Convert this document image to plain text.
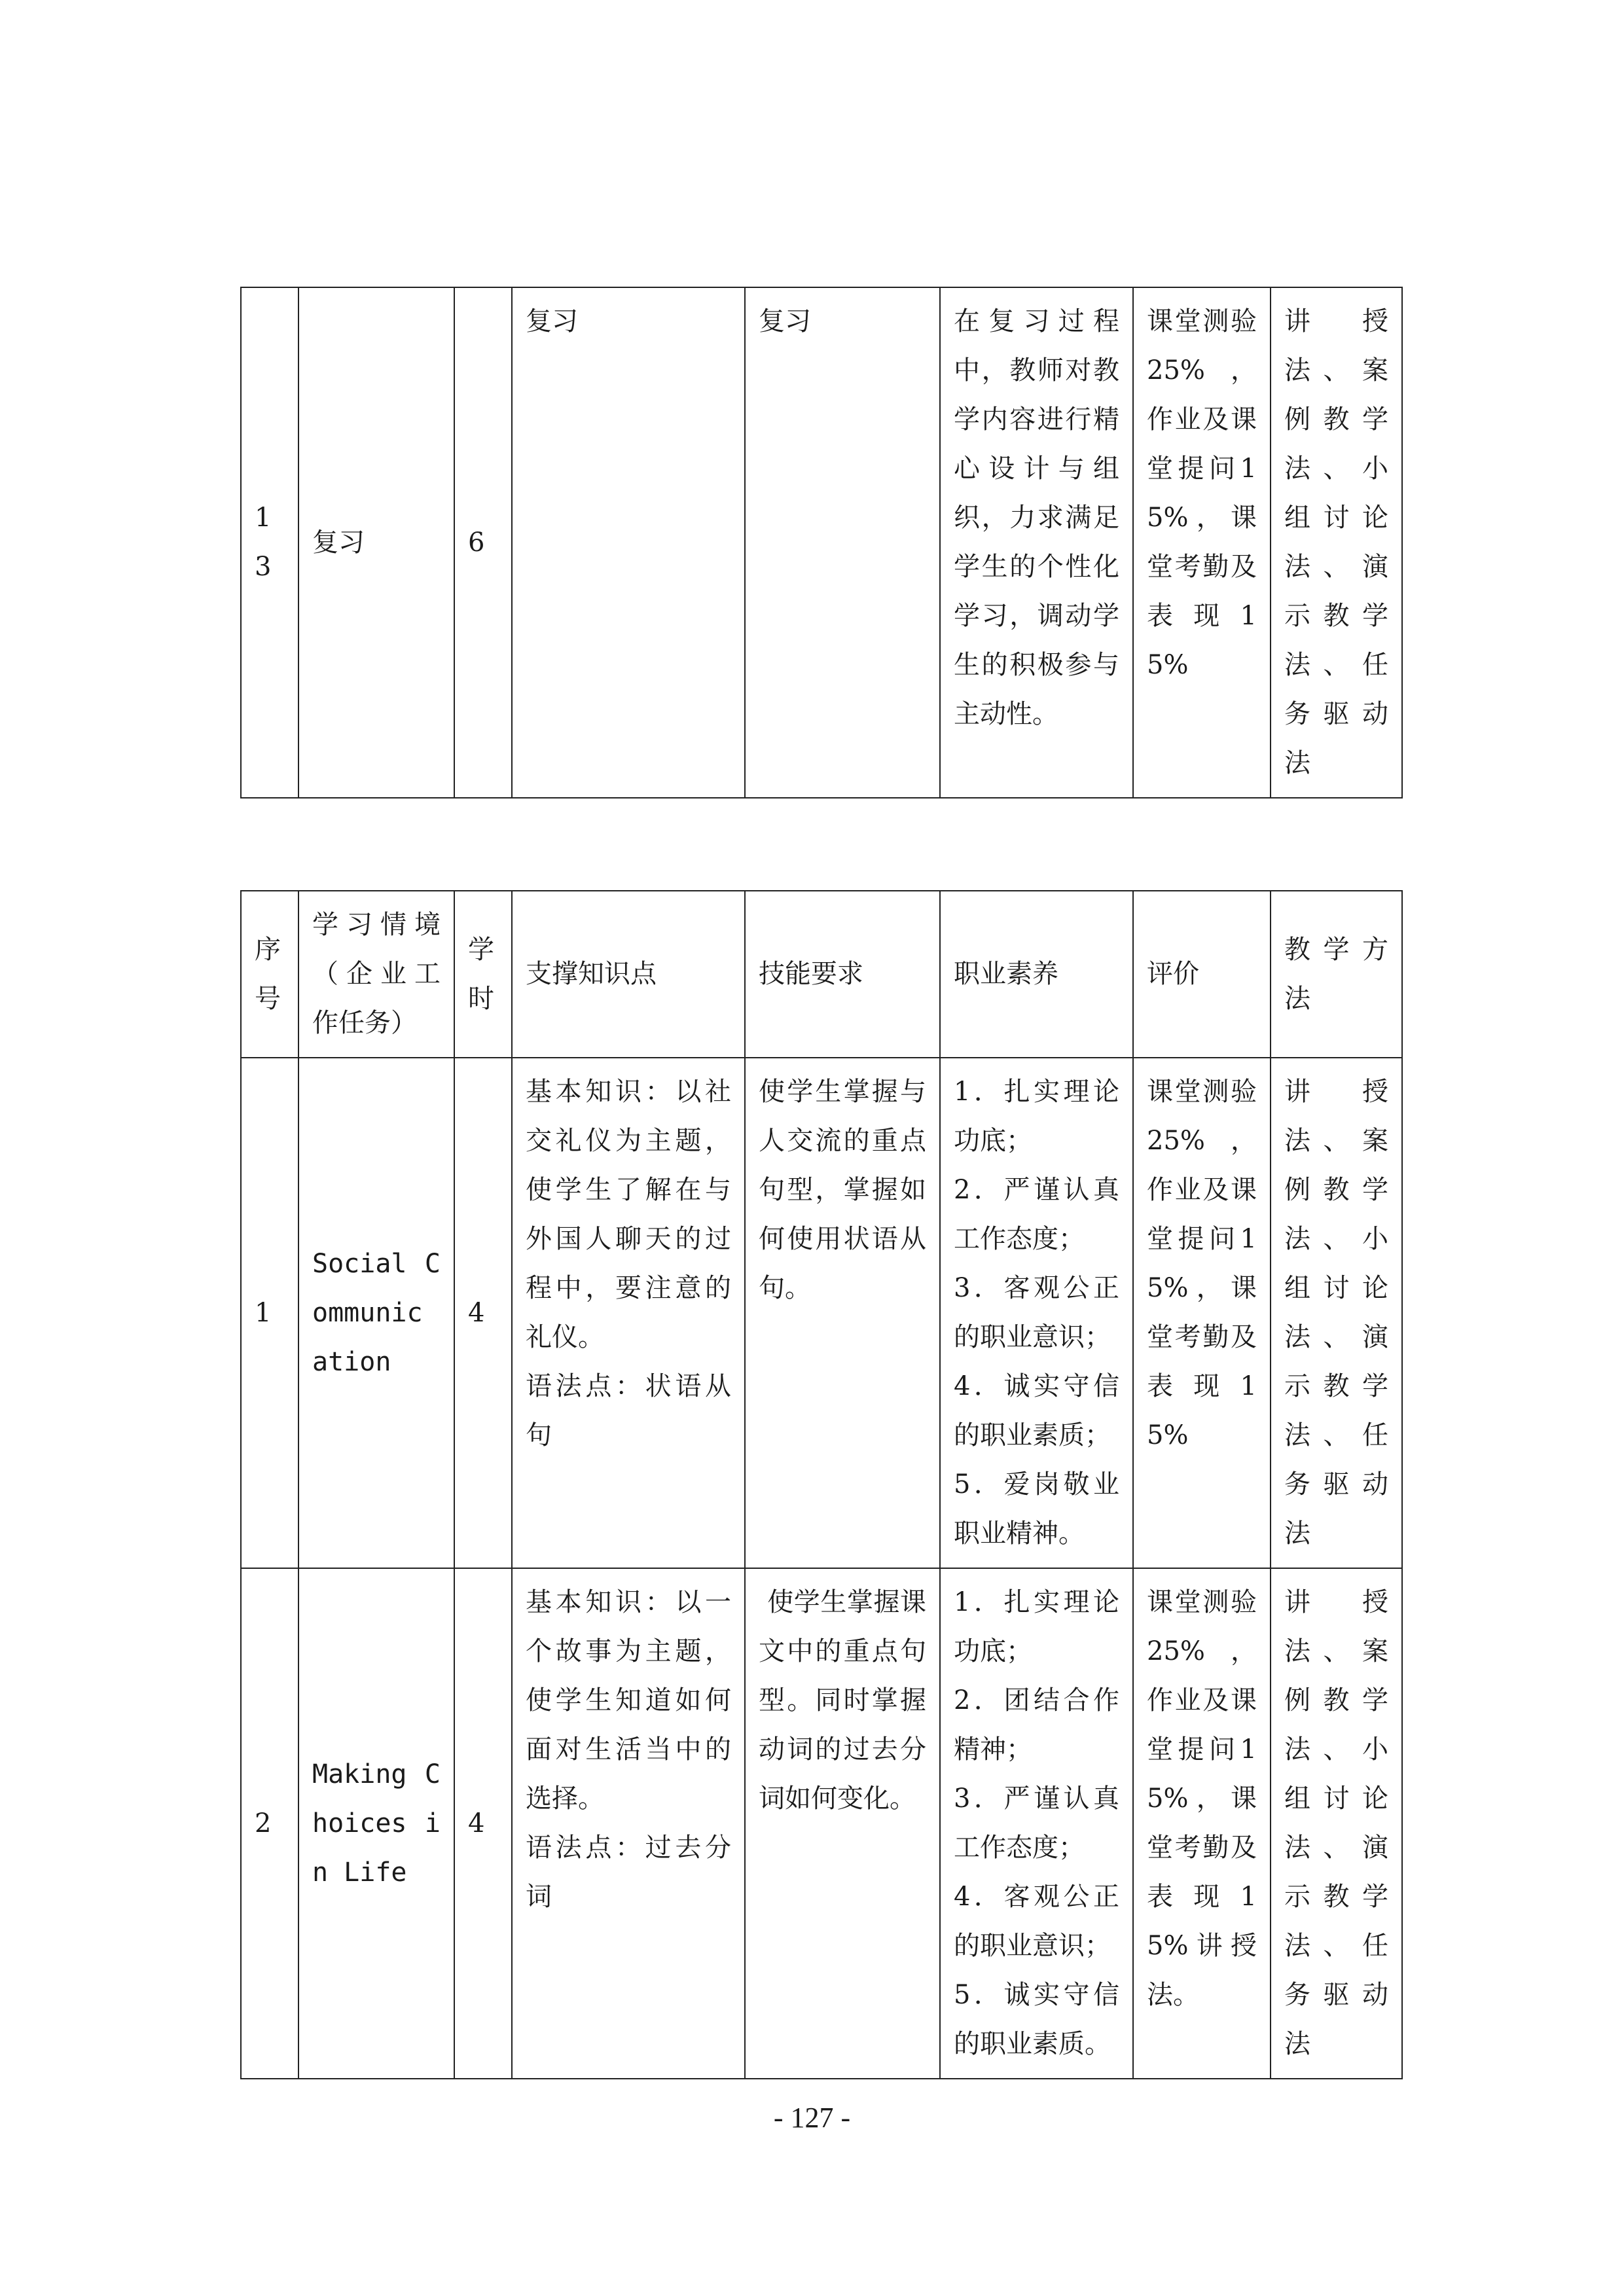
13	复习	6	复习	复习	在复习过程中，教师对教学内容进行精心设计与组织，力求满足学生的个性化学习，调动学生的积极参与主动性。	课堂测验25%，作业及课堂提问15%，课堂考勤及表现15%	讲授法、案例教学法、小组讨论法、演示教学法、任务驱动法
序号	学习情境（企业工作任务）	学时	支撑知识点	技能要求	职业素养	评价	教学方法
1	Social Communic ation	4	基本知识：以社交礼仪为主题，使学生了解在与外国人聊天的过程中，要注意的礼仪。
语法点：状语从句	使学生掌握与人交流的重点句型，掌握如何使用状语从句。	1．扎实理论功底；
2．严谨认真工作态度；
3．客观公正的职业意识；
4．诚实守信的职业素质；
5．爱岗敬业职业精神。	课堂测验25%，作业及课堂提问15%，课堂考勤及表现15%	讲授法、案例教学法、小组讨论法、演示教学法、任务驱动法
2	Making Choices in Life	4	基本知识：以一个故事为主题，使学生知道如何面对生活当中的选择。
语法点：过去分词	使学生掌握课文中的重点句型。同时掌握动词的过去分词如何变化。	1．扎实理论功底；
2．团结合作精神；
3．严谨认真工作态度；
4．客观公正的职业意识；
5．诚实守信的职业素质。	课堂测验25%，作业及课堂提问15%，课堂考勤及表现15%讲授法。	讲授法、案例教学法、小组讨论法、演示教学法、任务驱动法
- 127 -
